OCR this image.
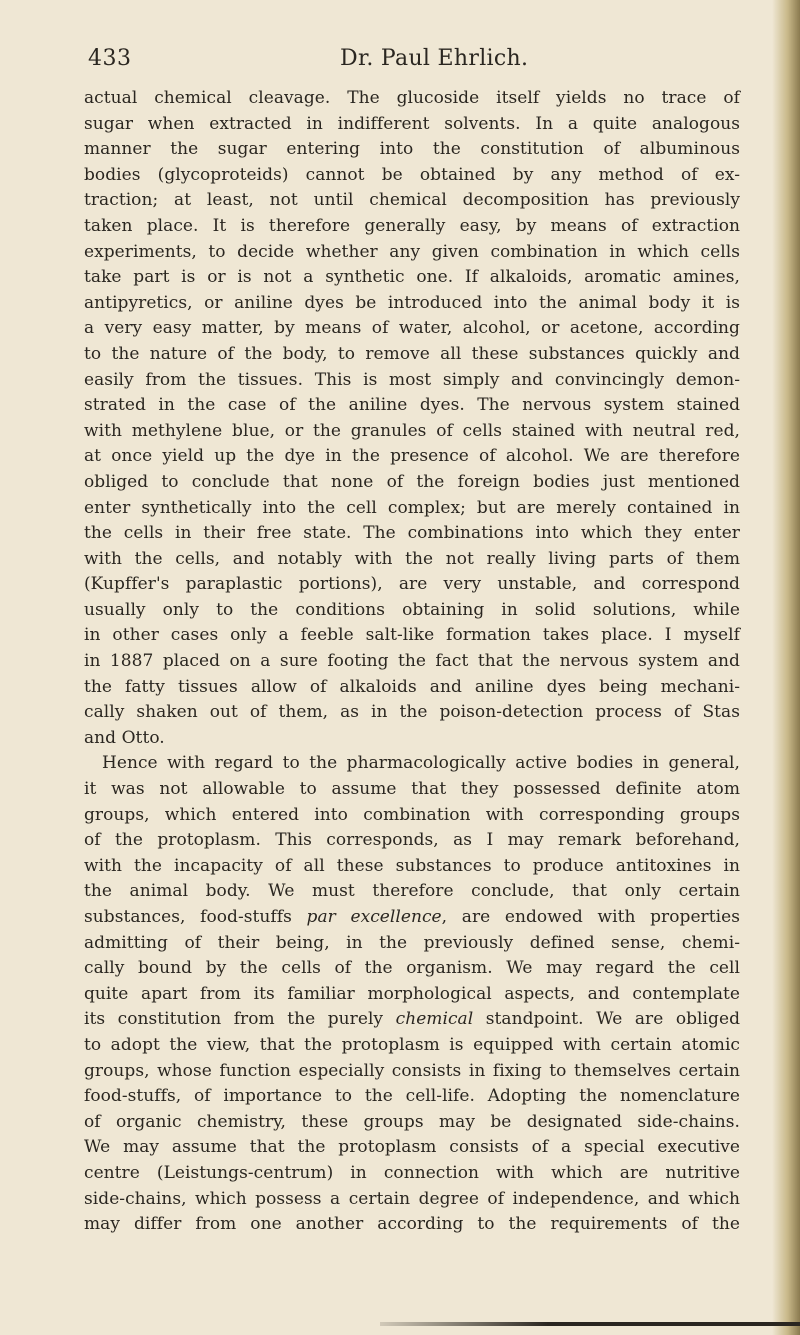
433	Dr. Paul Ehrlich.
actual chemical cleavage. The glucoside itself yields no trace of
sugar when extracted in indifferent solvents. In a quite analogous
manner the sugar entering into the constitution of albuminous
bodies (glycoproteids) cannot be obtained by any method of ex-
traction; at least, not until chemical decomposition has previously
taken place. It is therefore generally easy, by means of extraction
experiments, to decide whether any given combination in which cells
take part is or is not a synthetic one. If alkaloids, aromatic amines,
antipyretics, or aniline dyes be introduced into the animal body it is
a very easy matter, by means of water, alcohol, or acetone, according
to the nature of the body, to remove all these substances quickly and
easily from the tissues. This is most simply and convincingly demon-
strated in the case of the aniline dyes. The nervous system stained
with methylene blue, or the granules of cells stained with neutral red,
at once yield up the dye in the presence of alcohol. We are therefore
obliged to conclude that none of the foreign bodies just mentioned
enter synthetically into the cell complex; but are merely contained in
the cells in their free state. The combinations into which they enter
with the cells, and notably with the not really living parts of them
(Kupffer's paraplastic portions), are very unstable, and correspond
usually only to the conditions obtaining in solid solutions, while
in other cases only a feeble salt-like formation takes place. I myself
in 1887 placed on a sure footing the fact that the nervous system and
the fatty tissues allow of alkaloids and aniline dyes being mechani-
cally shaken out of them, as in the poison-detection process of Stas
and Otto.
Hence with regard to the pharmacologically active bodies in general,
it was not allowable to assume that they possessed definite atom
groups, which entered into combination with corresponding groups
of the protoplasm. This corresponds, as I may remark beforehand,
with the incapacity of all these substances to produce antitoxines in
the animal body. We must therefore conclude, that only certain
substances, food-stuffs par excellence, are endowed with properties
admitting of their being, in the previously defined sense, chemi-
cally bound by the cells of the organism. We may regard the cell
quite apart from its familiar morphological aspects, and contemplate
its constitution from the purely chemical standpoint. We are obliged
to adopt the view, that the protoplasm is equipped with certain atomic
groups, whose function especially consists in fixing to themselves certain
food-stuffs, of importance to the cell-life. Adopting the nomenclature
of organic chemistry, these groups may be designated side-chains.
We may assume that the protoplasm consists of a special executive
centre (Leistungs-centrum) in connection with which are nutritive
side-chains, which possess a certain degree of independence, and which
may differ from one another according to the requirements of the
